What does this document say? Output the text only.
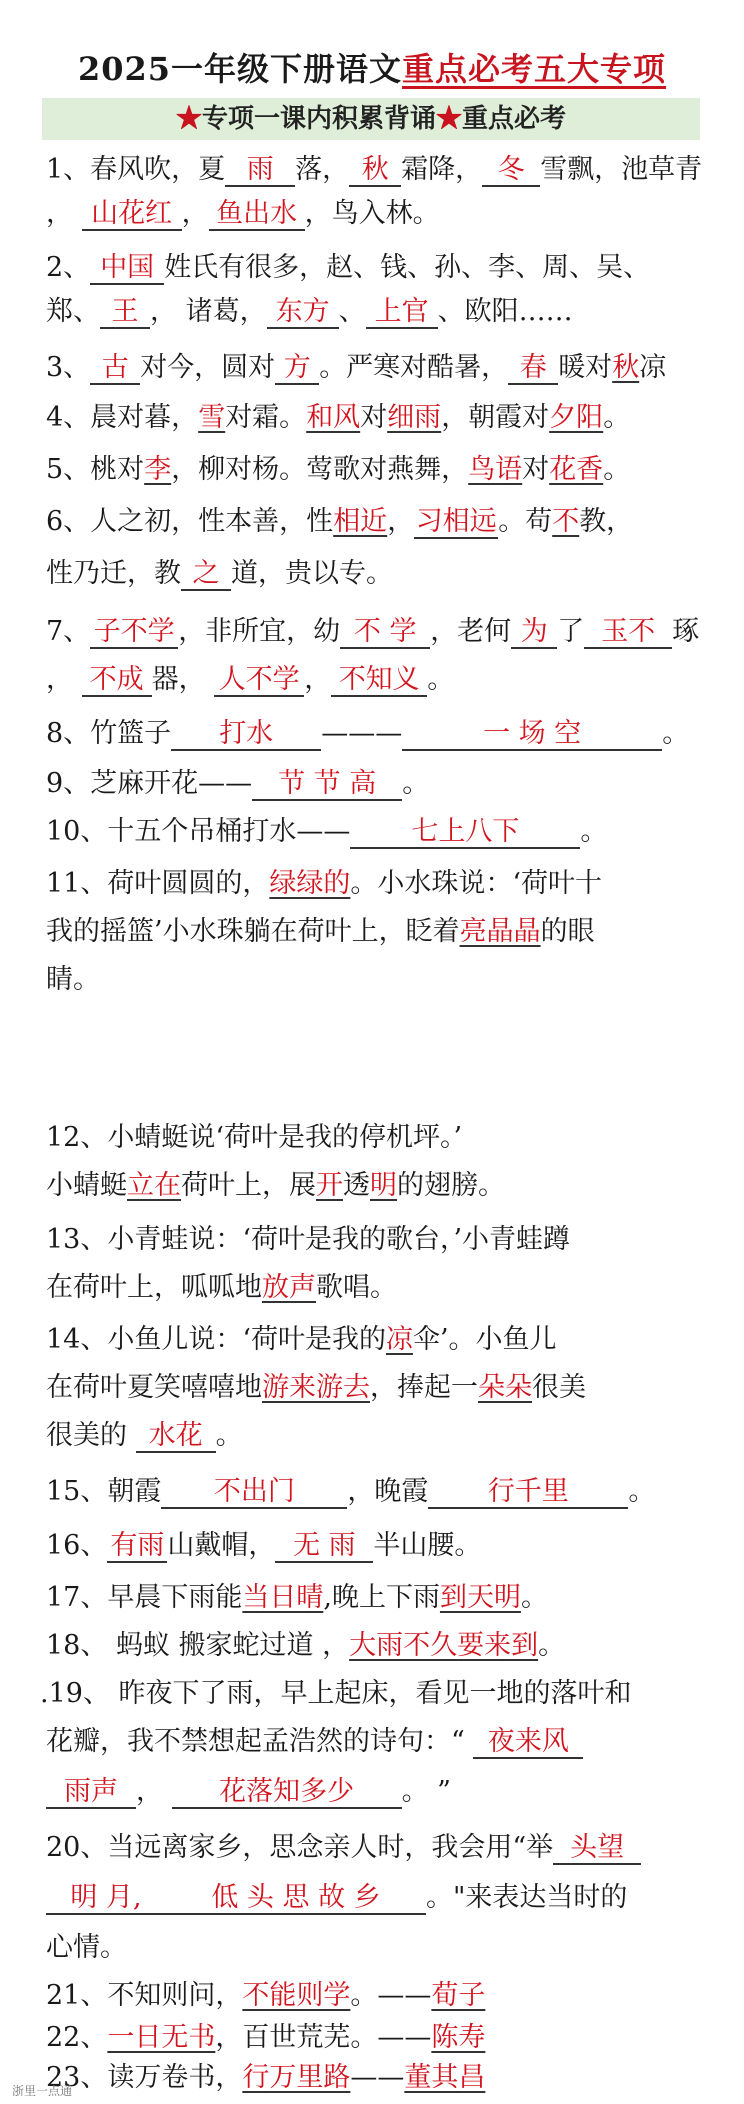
2025一年级下册语文重点必考五大专项
★专项一课内积累背诵★重点必考
1、春风吹，夏 雨 落， 秋 霜降， 冬 雪飘，池草青
， 山花红 ， 鱼出水 ，鸟入林。
2、 中国 姓氏有很多，赵、钱、孙、李、周、吴、
郑、 王 ， 诸葛， 东方 、 上官 、欧阳……
3、 古 对今，圆对 方 。严寒对酷暑， 春 暖对秋凉
4、晨对暮，雪对霜。和风对细雨，朝霞对夕阳。
5、桃对李，柳对杨。莺歌对燕舞，鸟语对花香。
6、人之初，性本善，性相近，习相远。苟不教，
性乃迁，教 之 道，贵以专。
7、 子不学 ，非所宜，幼 不 学 ，老何 为 了 玉不 琢
， 不成 器， 人不学 ， 不知义 。
8、竹篮子 打水 ———	一 场 空	。
9、芝麻开花—— 节 节 高 。
10、十五个吊桶打水—— 七上八下 。
11、荷叶圆圆的，绿绿的。小水珠说：‘荷叶十
我的摇篮’小水珠躺在荷叶上，眨着亮晶晶的眼
睛。
12、小蜻蜓说‘荷叶是我的停机坪。’
小蜻蜓立在荷叶上，展开透明的翅膀。
13、小青蛙说：‘荷叶是我的歌台，’小青蛙蹲
在荷叶上，呱呱地放声歌唱。
14、小鱼儿说：‘荷叶是我的凉伞’。小鱼儿
在荷叶夏笑嘻嘻地游来游去，捧起一朵朵很美
很美的 水花 。
15、朝霞 不出门 ，晚霞 行千里 。
16、 有雨 山戴帽， 无 雨 半山腰。
17、早晨下雨能当日晴,晚上下雨到天明。
18、 蚂蚁 搬家蛇过道 ，大雨不久要来到。
.19、 昨夜下了雨，早上起床，看见一地的落叶和
花瓣，我不禁想起孟浩然的诗句：“ 夜来风
雨声 ， 花落知多少 。 ”
20、当远离家乡，思念亲人时，我会用“举 头望
明 月,	低 头 思 故 乡 。"来表达当时的
心情。
21、不知则问，不能则学。——荀子
22、一日无书，百世荒芜。——陈寿
23、读万卷书，行万里路——董其昌
浙里一点通
